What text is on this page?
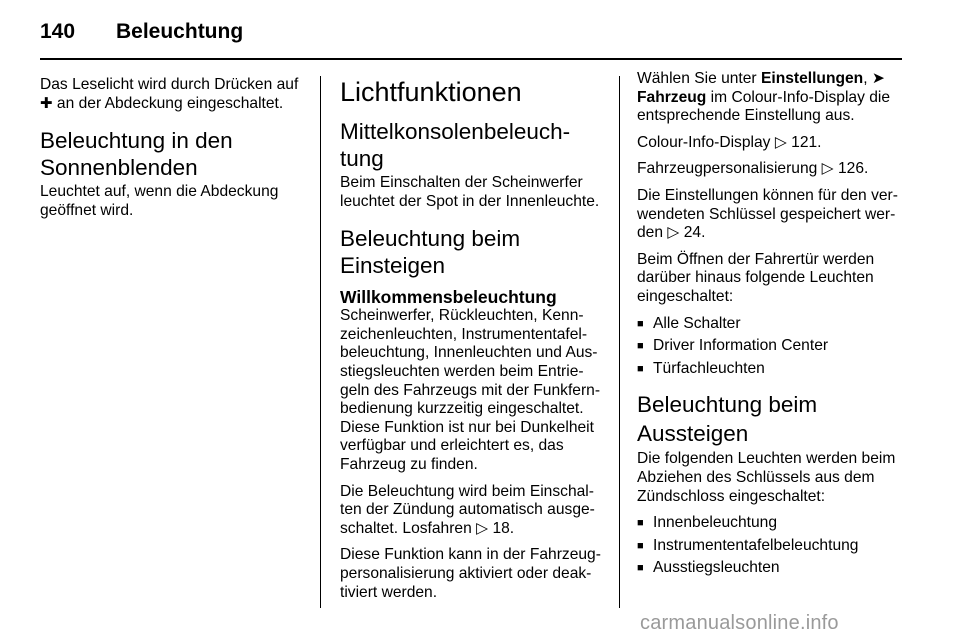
140	Beleuchtung

Das Leselicht wird durch Drücken auf ✚ an der Abdeckung eingeschaltet.

Beleuchtung in den Sonnenblenden

Leuchtet auf, wenn die Abdeckung geöffnet wird.

Lichtfunktionen
Mittelkonsolenbeleuch-tung

Beim Einschalten der Scheinwerfer leuchtet der Spot in der Innenleuchte.

Beleuchtung beim Einsteigen
Willkommensbeleuchtung

Scheinwerfer, Rückleuchten, Kenn-zeichenleuchten, Instrumententafel-beleuchtung, Innenleuchten und Aus-stiegsleuchten werden beim Entrie-geln des Fahrzeugs mit der Funkfern-bedienung kurzzeitig eingeschaltet. Diese Funktion ist nur bei Dunkelheit verfügbar und erleichtert es, das Fahrzeug zu finden.

Die Beleuchtung wird beim Einschal-ten der Zündung automatisch ausge-schaltet. Losfahren ▷ 18.

Diese Funktion kann in der Fahrzeug-personalisierung aktiviert oder deak-tiviert werden.

Wählen Sie unter Einstellungen, ➤ Fahrzeug im Colour-Info-Display die entsprechende Einstellung aus.

Colour-Info-Display ▷ 121.

Fahrzeugpersonalisierung ▷ 126.

Die Einstellungen können für den ver-wendeten Schlüssel gespeichert wer-den ▷ 24.

Beim Öffnen der Fahrertür werden darüber hinaus folgende Leuchten eingeschaltet:

■ Alle Schalter
■ Driver Information Center
■ Türfachleuchten
Beleuchtung beim Aussteigen

Die folgenden Leuchten werden beim Abziehen des Schlüssels aus dem Zündschloss eingeschaltet:

■ Innenbeleuchtung
■ Instrumententafelbeleuchtung
■ Ausstiegsleuchten
carmanualsonline.info
